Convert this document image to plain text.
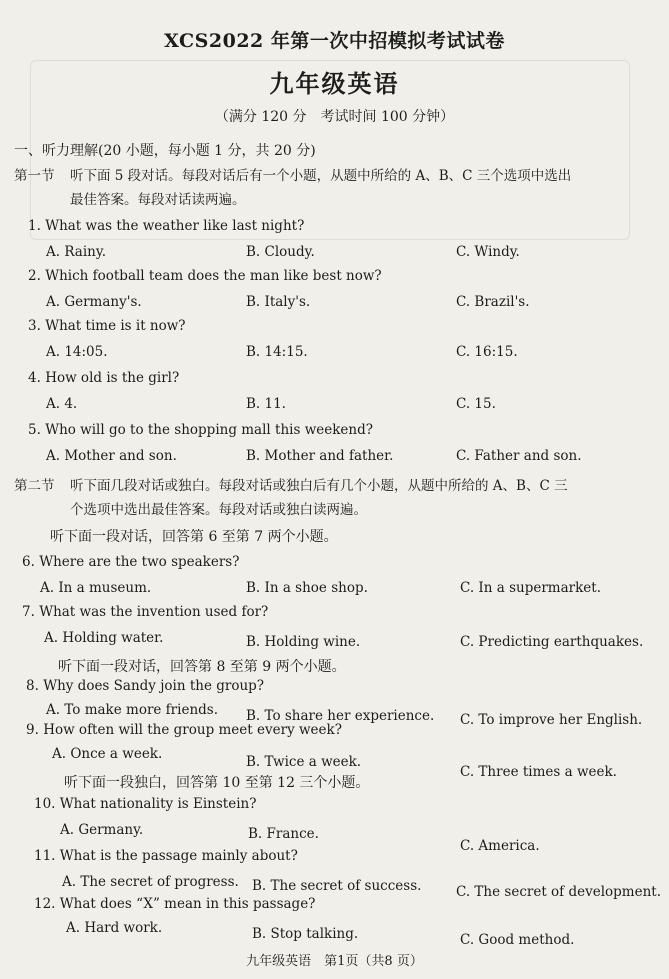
XCS2022 年第一次中招模拟考试试卷
九年级英语
（满分 120 分　考试时间 100 分钟）
一、听力理解(20 小题，每小题 1 分，共 20 分)
第一节 听下面 5 段对话。每段对话后有一个小题，从题中所给的 A、B、C 三个选项中选出
最佳答案。每段对话读两遍。
1. What was the weather like last night?
A. Rainy.	B. Cloudy.	C. Windy.
2. Which football team does the man like best now?
A. Germany's.	B. Italy's.	C. Brazil's.
3. What time is it now?
A. 14:05.	B. 14:15.	C. 16:15.
4. How old is the girl?
A. 4.	B. 11.	C. 15.
5. Who will go to the shopping mall this weekend?
A. Mother and son.	B. Mother and father.	C. Father and son.
第二节 听下面几段对话或独白。每段对话或独白后有几个小题，从题中所给的 A、B、C 三
个选项中选出最佳答案。每段对话或独白读两遍。
听下面一段对话，回答第 6 至第 7 两个小题。
6. Where are the two speakers?
A. In a museum.	B. In a shoe shop.	C. In a supermarket.
7. What was the invention used for?
A. Holding water.	B. Holding wine.	C. Predicting earthquakes.
听下面一段对话，回答第 8 至第 9 两个小题。
8. Why does Sandy join the group?
A. To make more friends. B. To share her experience. C. To improve her English.
9. How often will the group meet every week?
A. Once a week.	B. Twice a week.
C. Three times a week.
听下面一段独白，回答第 10 至第 12 三个小题。
10. What nationality is Einstein?
A. Germany.	B. France.
C. America.
11. What is the passage mainly about?
A. The secret of progress. B. The secret of success.	C. The secret of development.
12. What does “X” mean in this passage?
A. Hard work.	B. Stop talking.	C. Good method.
九年级英语　第1页（共8 页）
